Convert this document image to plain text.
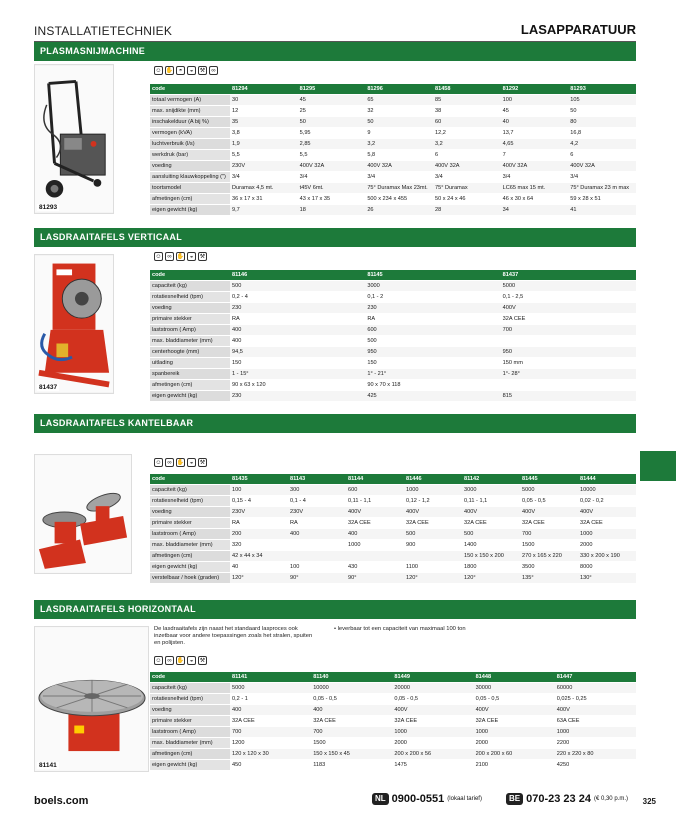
INSTALLATIETECHNIEK	LASAPPARATUUR
PLASMASNIJMACHINE
81293
☺ ✋ ◓	◒	⚒	∞
code	81294	81295	81296	81458	81292	81293
totaal vermogen (A)	30	45	65	85	100	105
max. snijdikte (mm)	12	25	32	38	45	50
inschakelduur (A bij %)	35	50	50	60	40	80
vermogen (kVA)	3,8	5,95	9	12,2	13,7	16,8
luchtverbruik (l/s)	1,9	2,85	3,2	3,2	4,65	4,2
werkdruk (bar)	5,5	5,5	5,8	6	7	6
voeding	230V	400V 32A	400V 32A	400V 32A	400V 32A	400V 32A
aansluiting klauwkoppeling (")	3/4	3/4	3/4	3/4	3/4	3/4
toortsmodel	Duramax 4,5 mt.	t45V 6mt.	75° Duramax Max 23mt.	75° Duramax	LC65 max 15 mt.	75° Duramax 23 m max
afmetingen (cm)	36 x 17 x 31	43 x 17 x 35	500 x 234 x 455	50 x 24 x 46	46 x 30 x 64	59 x 28 x 51
eigen gewicht (kg)	9,7	18	26	28	34	41
LASDRAAITAFELS VERTICAAL
81437
☺ ∞ ✋ ◒	⚒
code	81146	81145	81437
capaciteit (kg)	500	3000	5000
rotatiesnelheid (tpm)	0,2 - 4	0,1 - 2	0,1 - 2,5
voeding	230	230	400V
primaire stekker	RA	RA	32A CEE
laststroom ( Amp)	400	600	700
max. bladdiameter (mm)	400	500	
centerhoogte (mm)	94,5	950	950
uitlading	150	150	150 mm
spanbereik	1 - 15°	1° - 21°	1°- 28°
afmetingen (cm)	90 x 63 x 120	90 x 70 x 118	
eigen gewicht (kg)	230	425	815
LASDRAAITAFELS KANTELBAAR
☺ ∞ ✋ ◒	⚒
code	81435	81143	81144	81446	81142	81445	81444
capaciteit (kg)	100	300	600	1000	3000	5000	10000
rotatiesnelheid (tpm)	0,15 - 4	0,1 - 4	0,11 - 1,1	0,12 - 1,2	0,11 - 1,1	0,05 - 0,5	0,02 - 0,2
voeding	230V	230V	400V	400V	400V	400V	400V
primaire stekker	RA	RA	32A CEE	32A CEE	32A CEE	32A CEE	32A CEE
laststroom ( Amp)	200	400	400	500	500	700	1000
max. bladdiameter (mm)	320		1000	900	1400	1500	2000
afmetingen (cm)	42 x 44 x 34				150 x 150 x 200	270 x 165 x 220	330 x 200 x 190
eigen gewicht (kg)	40	100	430	1100	1800	3500	8000
verstelbaar / hoek (graden)	120°	90°	90°	120°	120°	135°	130°
LASDRAAITAFELS HORIZONTAAL
81141
De lasdraaitafels zijn naast het standaard lasproces ook inzetbaar voor andere toepassingen zoals het stralen, spuiten en polijsten.
• leverbaar tot een capaciteit van maximaal 100 ton
☺ ∞ ✋ ◒	⚒
code	81141	81140	81449	81448	81447
capaciteit (kg)	5000	10000	20000	30000	60000
rotatiesnelheid (tpm)	0,2 - 1	0,05 - 0,5	0,05 - 0,5	0,05 - 0,5	0,025 - 0,25
voeding	400	400	400V	400V	400V
primaire stekker	32A CEE	32A CEE	32A CEE	32A CEE	63A CEE
laststroom ( Amp)	700	700	1000	1000	1000
max. bladdiameter (mm)	1200	1500	2000	2000	2200
afmetingen (cm)	120 x 120 x 30	150 x 150 x 45	200 x 200 x 56	200 x 200 x 60	220 x 220 x 80
eigen gewicht (kg)	450	1183	1475	2100	4250
boels.com	NL 0900-0551 (lokaal tarief)	BE 070-23 23 24 (€ 0,30 p.m.) 325
